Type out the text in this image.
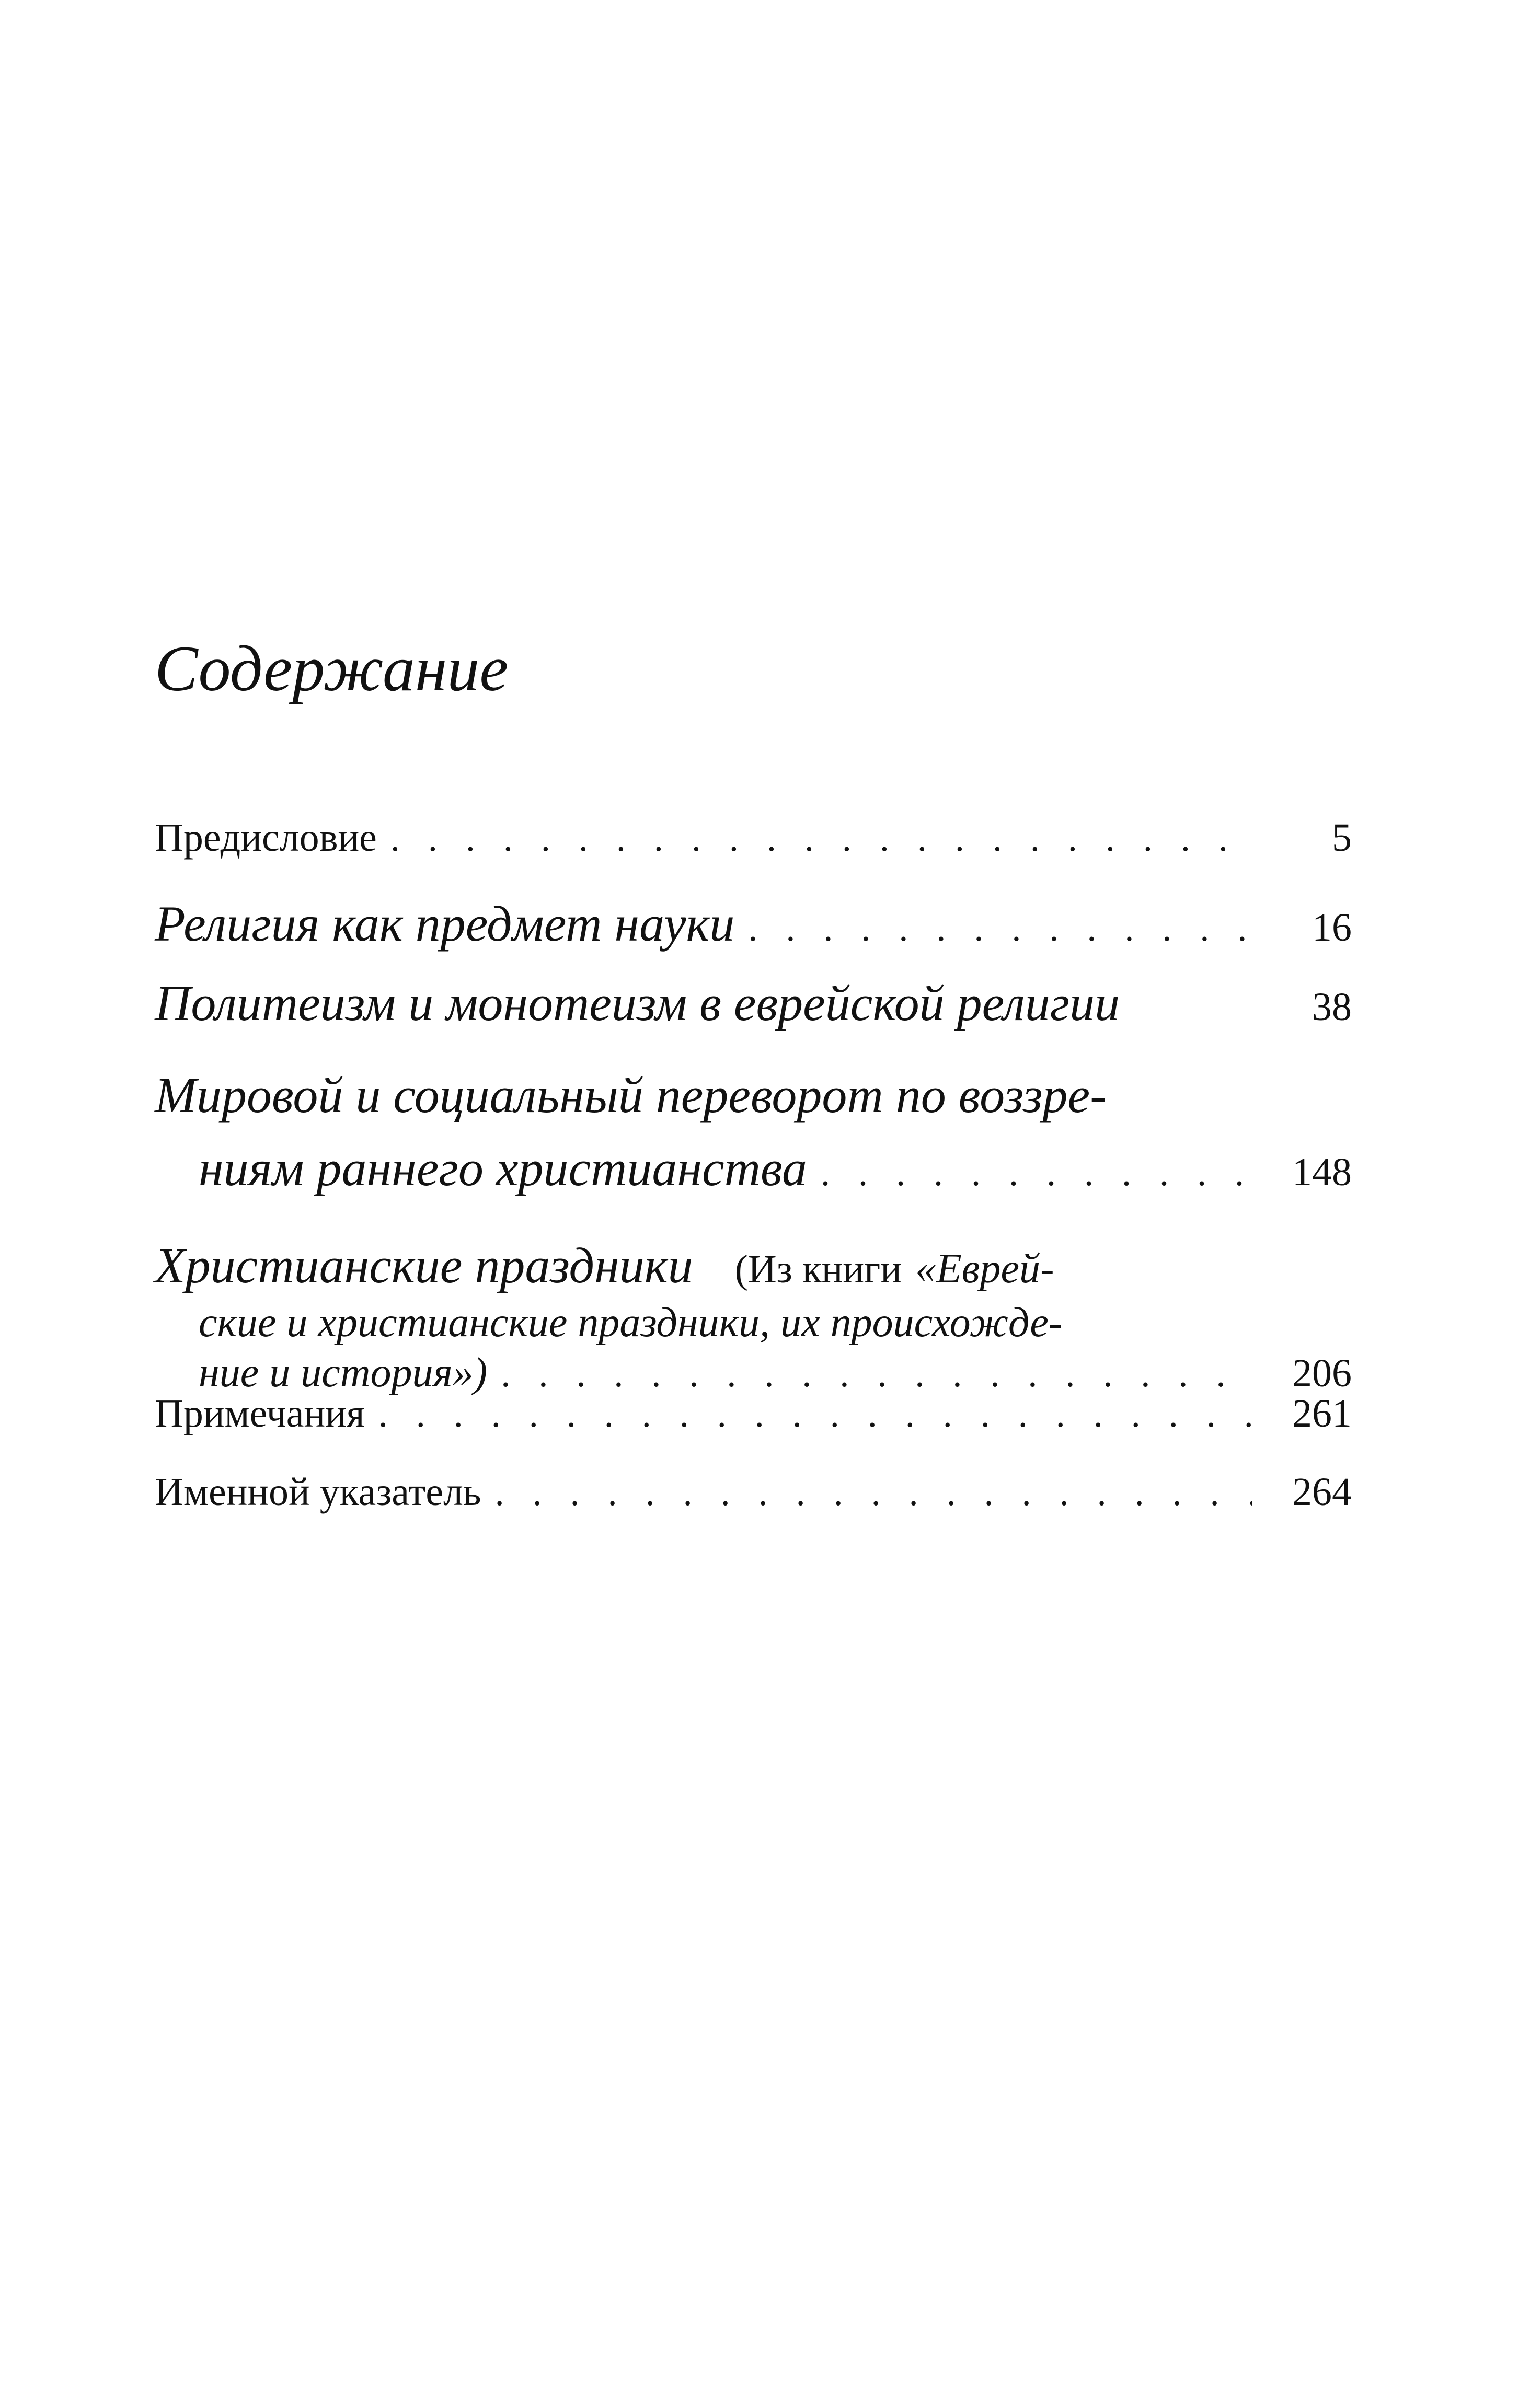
Содержание
Предисловие . . .	5
Религия как предмет науки . . .	16
Политеизм и монотеизм в еврейской религии	38
Мировой и социальный переворот по воззре-
ниям раннего христианства . . .	148
Христианские праздники (Из книги «Еврей-
ские и христианские праздники, их происхожде-
ние и история») . . .	206
Примечания . . .	261
Именной указатель . . .	264
